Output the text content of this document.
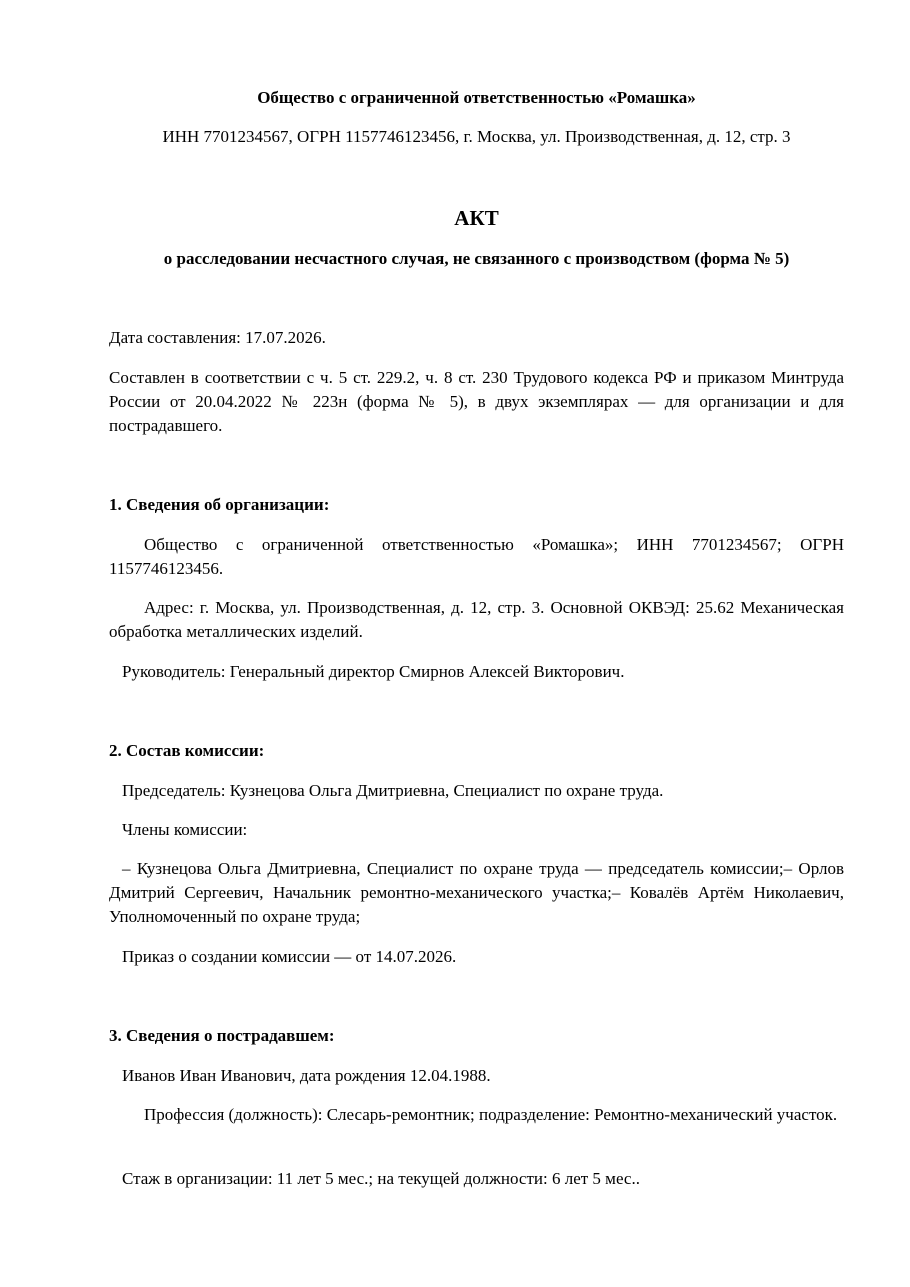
Общество с ограниченной ответственностью «Ромашка»

ИНН 7701234567, ОГРН 1157746123456, г. Москва, ул. Производственная, д. 12, стр. 3

АКТ

о расследовании несчастного случая, не связанного с производством (форма № 5)

Дата составления: 17.07.2026.

Составлен в соответствии с ч. 5 ст. 229.2, ч. 8 ст. 230 Трудового кодекса РФ и приказом Минтруда России от 20.04.2022 № 223н (форма № 5), в двух экземплярах — для организации и для пострадавшего.

1. Сведения об организации:

Общество с ограниченной ответственностью «Ромашка»; ИНН 7701234567; ОГРН 1157746123456.

Адрес: г. Москва, ул. Производственная, д. 12, стр. 3. Основной ОКВЭД: 25.62 Механическая обработка металлических изделий.

Руководитель: Генеральный директор Смирнов Алексей Викторович.

2. Состав комиссии:

Председатель: Кузнецова Ольга Дмитриевна, Специалист по охране труда.

Члены комиссии:

– Кузнецова Ольга Дмитриевна, Специалист по охране труда — председатель комиссии;– Орлов Дмитрий Сергеевич, Начальник ремонтно-механического участка;– Ковалёв Артём Николаевич, Уполномоченный по охране труда;

Приказ о создании комиссии — от 14.07.2026.

3. Сведения о пострадавшем:

Иванов Иван Иванович, дата рождения 12.04.1988.

Профессия (должность): Слесарь-ремонтник; подразделение: Ремонтно-механический участок.

Стаж в организации: 11 лет 5 мес.; на текущей должности: 6 лет 5 мес..
